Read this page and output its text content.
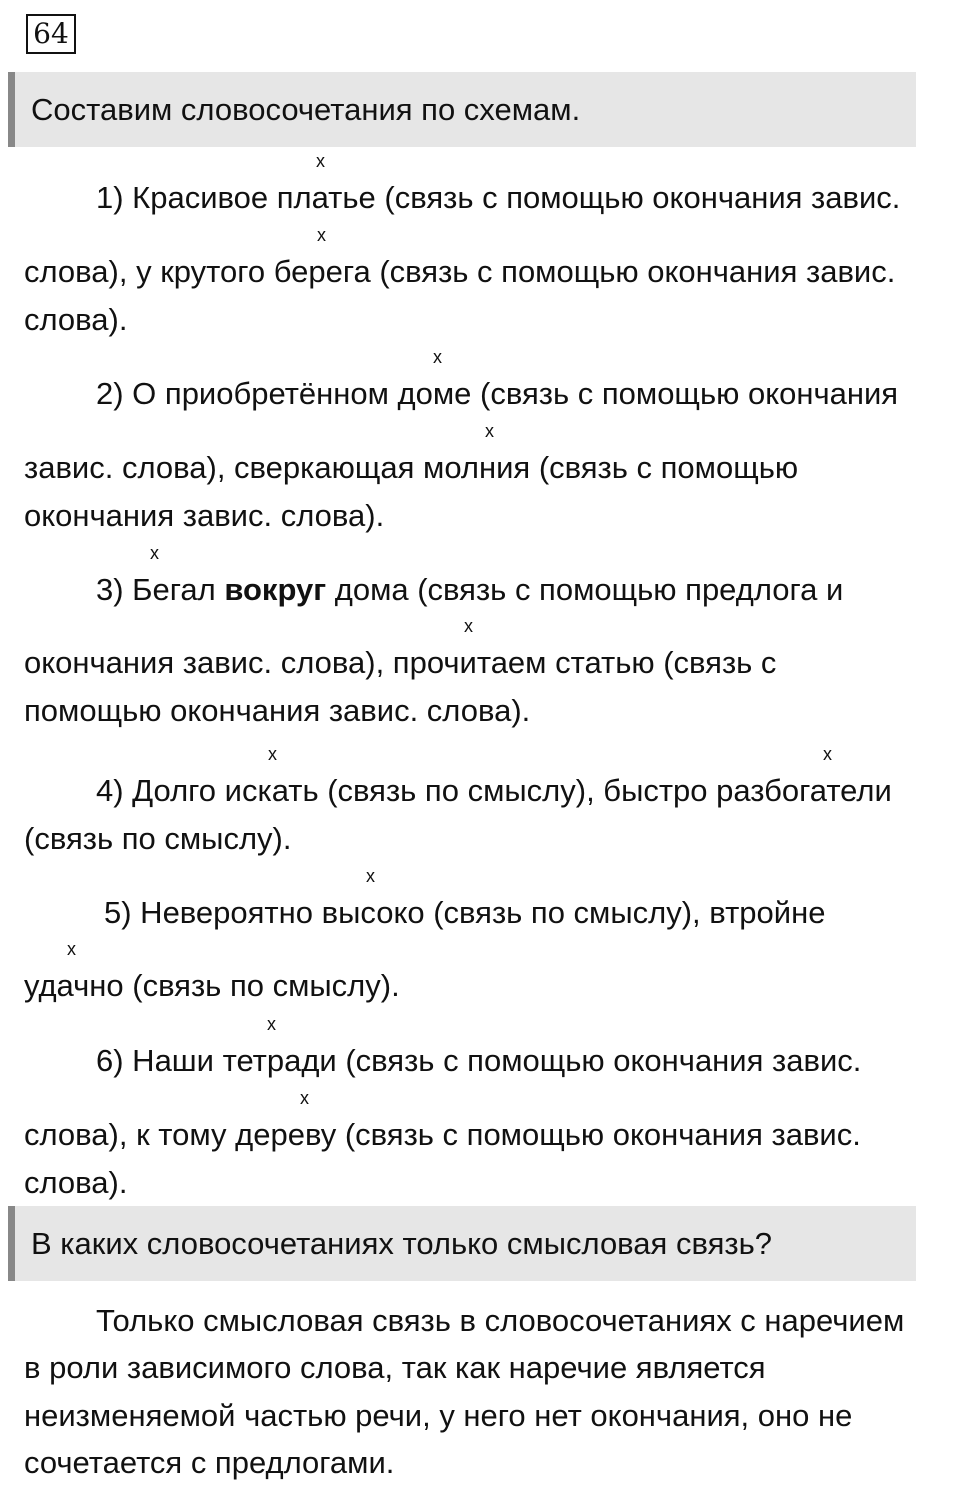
64
Составим словосочетания по схемам.
x
1) Красивое платье (связь с помощью окончания завис.
x
слова), у крутого берега (связь с помощью окончания завис.
слова).
x
2) О приобретённом доме (связь с помощью окончания
x
завис. слова), сверкающая молния (связь с помощью
окончания завис. слова).
x
3) Бегал вокруг дома (связь с помощью предлога и
x
окончания завис. слова), прочитаем статью (связь с
помощью окончания завис. слова).
x	x
4) Долго искать (связь по смыслу), быстро разбогатели
(связь по смыслу).
x
5) Невероятно высоко (связь по смыслу), втройне
x
удачно (связь по смыслу).
x
6) Наши тетради (связь с помощью окончания завис.
x
слова), к тому дереву (связь с помощью окончания завис.
слова).
В каких словосочетаниях только смысловая связь?
Только смысловая связь в словосочетаниях с наречием
в роли зависимого слова, так как наречие является
неизменяемой частью речи, у него нет окончания, оно не
сочетается с предлогами.
